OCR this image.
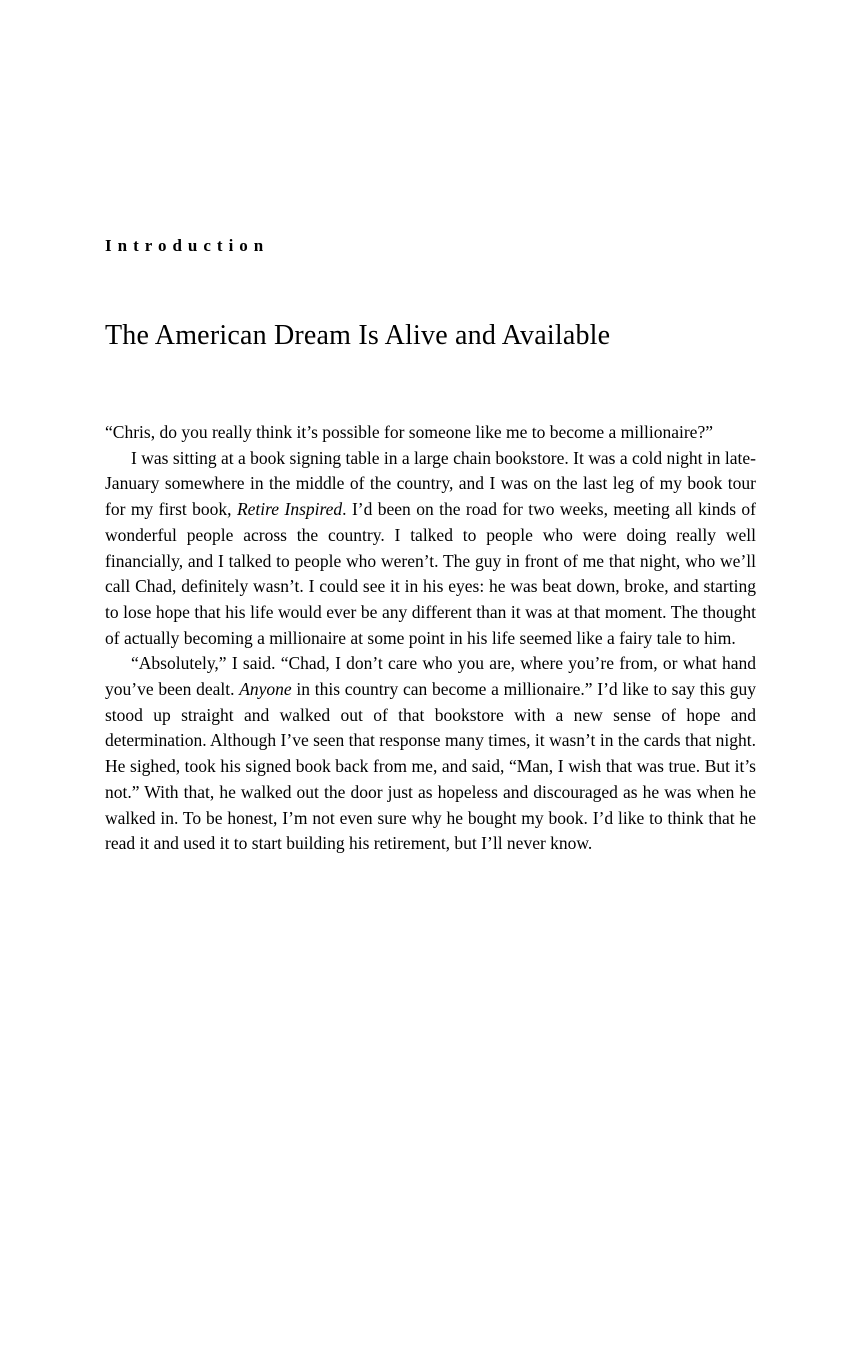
Introduction
The American Dream Is Alive and Available

“Chris, do you really think it’s possible for someone like me to become a millionaire?”

I was sitting at a book signing table in a large chain bookstore. It was a cold night in late-January somewhere in the middle of the country, and I was on the last leg of my book tour for my first book, Retire Inspired. I’d been on the road for two weeks, meeting all kinds of wonderful people across the country. I talked to people who were doing really well financially, and I talked to people who weren’t. The guy in front of me that night, who we’ll call Chad, definitely wasn’t. I could see it in his eyes: he was beat down, broke, and starting to lose hope that his life would ever be any different than it was at that moment. The thought of actually becoming a millionaire at some point in his life seemed like a fairy tale to him.

“Absolutely,” I said. “Chad, I don’t care who you are, where you’re from, or what hand you’ve been dealt. Anyone in this country can become a millionaire.” I’d like to say this guy stood up straight and walked out of that bookstore with a new sense of hope and determination. Although I’ve seen that response many times, it wasn’t in the cards that night. He sighed, took his signed book back from me, and said, “Man, I wish that was true. But it’s not.” With that, he walked out the door just as hopeless and discouraged as he was when he walked in. To be honest, I’m not even sure why he bought my book. I’d like to think that he read it and used it to start building his retirement, but I’ll never know.
